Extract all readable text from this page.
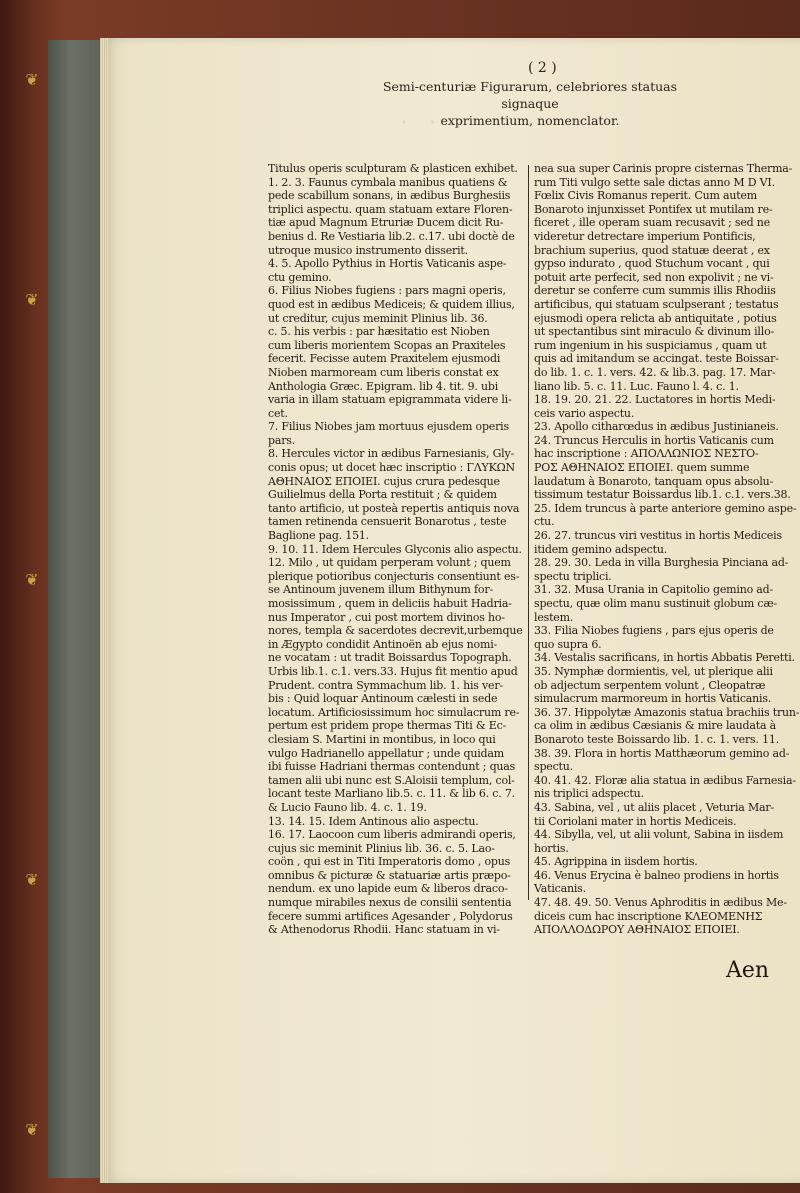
❦
❦
❦
❦
❦
· · ·
( 2 )
Semi-centuriæ Figurarum, celebriores statuas signaque
exprimentium, nomenclator.

Titulus operis sculpturam & plasticen exhibet.

1. 2. 3. Faunus cymbala manibus quatiens &

pede scabillum sonans, in ædibus Burghesiis

triplici aspectu. quam statuam extare Floren-

tiæ apud Magnum Etruriæ Ducem dicit Ru-

benius d. Re Vestiaria lib.2. c.17. ubi doctè de

utroque musico instrumento disserit.

4. 5. Apollo Pythius in Hortis Vaticanis aspe-

ctu gemino.

6. Filius Niobes fugiens : pars magni operis,

quod est in ædibus Mediceis; & quidem illius,

ut creditur, cujus meminit Plinius lib. 36.

c. 5. his verbis : par hæsitatio est Nioben

cum liberis morientem Scopas an Praxiteles

fecerit. Fecisse autem Praxitelem ejusmodi

Nioben marmoream cum liberis constat ex

Anthologia Græc. Epigram. lib 4. tit. 9. ubi

varia in illam statuam epigrammata videre li-

cet.

7. Filius Niobes jam mortuus ejusdem operis

pars.

8. Hercules victor in ædibus Farnesianis, Gly-

conis opus; ut docet hæc inscriptio : ΓΛΥΚΩΝ

ΑΘΗΝΑΙΟΣ ΕΠΟΙΕΙ. cujus crura pedesque

Guilielmus della Porta restituit ; & quidem

tanto artificio, ut posteà repertis antiquis nova

tamen retinenda censuerit Bonarotus , teste

Baglione pag. 151.

9. 10. 11. Idem Hercules Glyconis alio aspectu.

12. Milo , ut quidam perperam volunt ; quem

plerique potioribus conjecturis consentiunt es-

se Antinoum juvenem illum Bithynum for-

mosissimum , quem in deliciis habuit Hadria-

nus Imperator , cui post mortem divinos ho-

nores, templa & sacerdotes decrevit,urbemque

in Ægypto condidit Antinoën ab ejus nomi-

ne vocatam : ut tradit Boissardus Topograph.

Urbis lib.1. c.1. vers.33. Hujus fit mentio apud

Prudent. contra Symmachum lib. 1. his ver-

bis : Quid loquar Antinoum cælesti in sede

locatum. Artificiosissimum hoc simulacrum re-

pertum est pridem prope thermas Titi & Ec-

clesiam S. Martini in montibus, in loco qui

vulgo Hadrianello appellatur ; unde quidam

ibi fuisse Hadriani thermas contendunt ; quas

tamen alii ubi nunc est S.Aloisii templum, col-

locant teste Marliano lib.5. c. 11. & lib 6. c. 7.

& Lucio Fauno lib. 4. c. 1. 19.

13. 14. 15. Idem Antinous alio aspectu.

16. 17. Laocoon cum liberis admirandi operis,

cujus sic meminit Plinius lib. 36. c. 5. Lao-

coön , qui est in Titi Imperatoris domo , opus

omnibus & picturæ & statuariæ artis præpo-

nendum. ex uno lapide eum & liberos draco-

numque mirabiles nexus de consilii sententia

fecere summi artifices Agesander , Polydorus

& Athenodorus Rhodii. Hanc statuam in vi-

nea sua super Carinis propre cisternas Therma-

rum Titi vulgo sette sale dictas anno M D VI.

Fœlix Civis Romanus reperit. Cum autem

Bonaroto injunxisset Pontifex ut mutilam re-

ficeret , ille operam suam recusavit ; sed ne

videretur detrectare imperium Pontificis,

brachium superius, quod statuæ deerat , ex

gypso indurato , quod Stuchum vocant , qui

potuit arte perfecit, sed non expolivit ; ne vi-

deretur se conferre cum summis illis Rhodiis

artificibus, qui statuam sculpserant ; testatus

ejusmodi opera relicta ab antiquitate , potius

ut spectantibus sint miraculo & divinum illo-

rum ingenium in his suspiciamus , quam ut

quis ad imitandum se accingat. teste Boissar-

do lib. 1. c. 1. vers. 42. & lib.3. pag. 17. Mar-

liano lib. 5. c. 11. Luc. Fauno l. 4. c. 1.

18. 19. 20. 21. 22. Luctatores in hortis Medi-

ceis vario aspectu.

23. Apollo citharœdus in ædibus Justinianeis.

24. Truncus Herculis in hortis Vaticanis cum

hac inscriptione : ΑΠΟΛΛΩΝΙΟΣ ΝΕΣΤΟ-

ΡΟΣ ΑΘΗΝΑΙΟΣ ΕΠΟΙΕΙ. quem summe

laudatum à Bonaroto, tanquam opus absolu-

tissimum testatur Boissardus lib.1. c.1. vers.38.

25. Idem truncus à parte anteriore gemino aspe-

ctu.

26. 27. truncus viri vestitus in hortis Mediceis

itidem gemino adspectu.

28. 29. 30. Leda in villa Burghesia Pinciana ad-

spectu triplici.

31. 32. Musa Urania in Capitolio gemino ad-

spectu, quæ olim manu sustinuit globum cæ-

lestem.

33. Filia Niobes fugiens , pars ejus operis de

quo supra 6.

34. Vestalis sacrificans, in hortis Abbatis Peretti.

35. Nymphæ dormientis, vel, ut plerique alii

ob adjectum serpentem volunt , Cleopatræ

simulacrum marmoreum in hortis Vaticanis.

36. 37. Hippolytæ Amazonis statua brachiis trun-

ca olim in ædibus Cæsianis & mire laudata à

Bonaroto teste Boissardo lib. 1. c. 1. vers. 11.

38. 39. Flora in hortis Matthæorum gemino ad-

spectu.

40. 41. 42. Floræ alia statua in ædibus Farnesia-

nis triplici adspectu.

43. Sabina, vel , ut aliis placet , Veturia Mar-

tii Coriolani mater in hortis Mediceis.

44. Sibylla, vel, ut alii volunt, Sabina in iisdem

hortis.

45. Agrippina in iisdem hortis.

46. Venus Erycina è balneo prodiens in hortis

Vaticanis.

47. 48. 49. 50. Venus Aphroditis in ædibus Me-

diceis cum hac inscriptione ΚΛΕΟΜΕΝΗΣ

ΑΠΟΛΛΟΔΩΡΟΥ ΑΘΗΝΑΙΟΣ ΕΠΟΙΕΙ.

Aen
